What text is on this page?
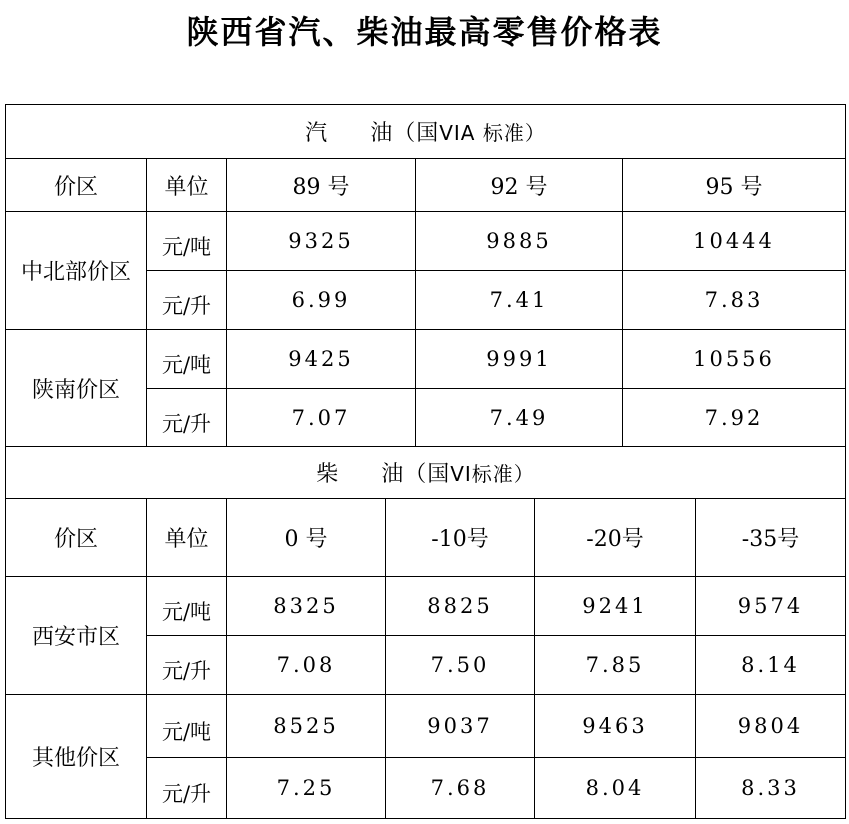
陕西省汽、柴油最高零售价格表
汽 油（国VIA 标准）							
价区	单位	89 号		92 号		95 号	
中北部价区	元/吨	9325		9885		10444	
	元/升	6.99		7.41		7.83	
陕南价区	元/吨	9425		9991		10556	
	元/升	7.07		7.49		7.92	
柴 油（国VI标准）							
价区	单位	0 号	-10号		-20号		-35号
西安市区	元/吨	8325	8825		9241		9574
	元/升	7.08	7.50		7.85		8.14
其他价区	元/吨	8525	9037		9463		9804
	元/升	7.25	7.68		8.04		8.33
